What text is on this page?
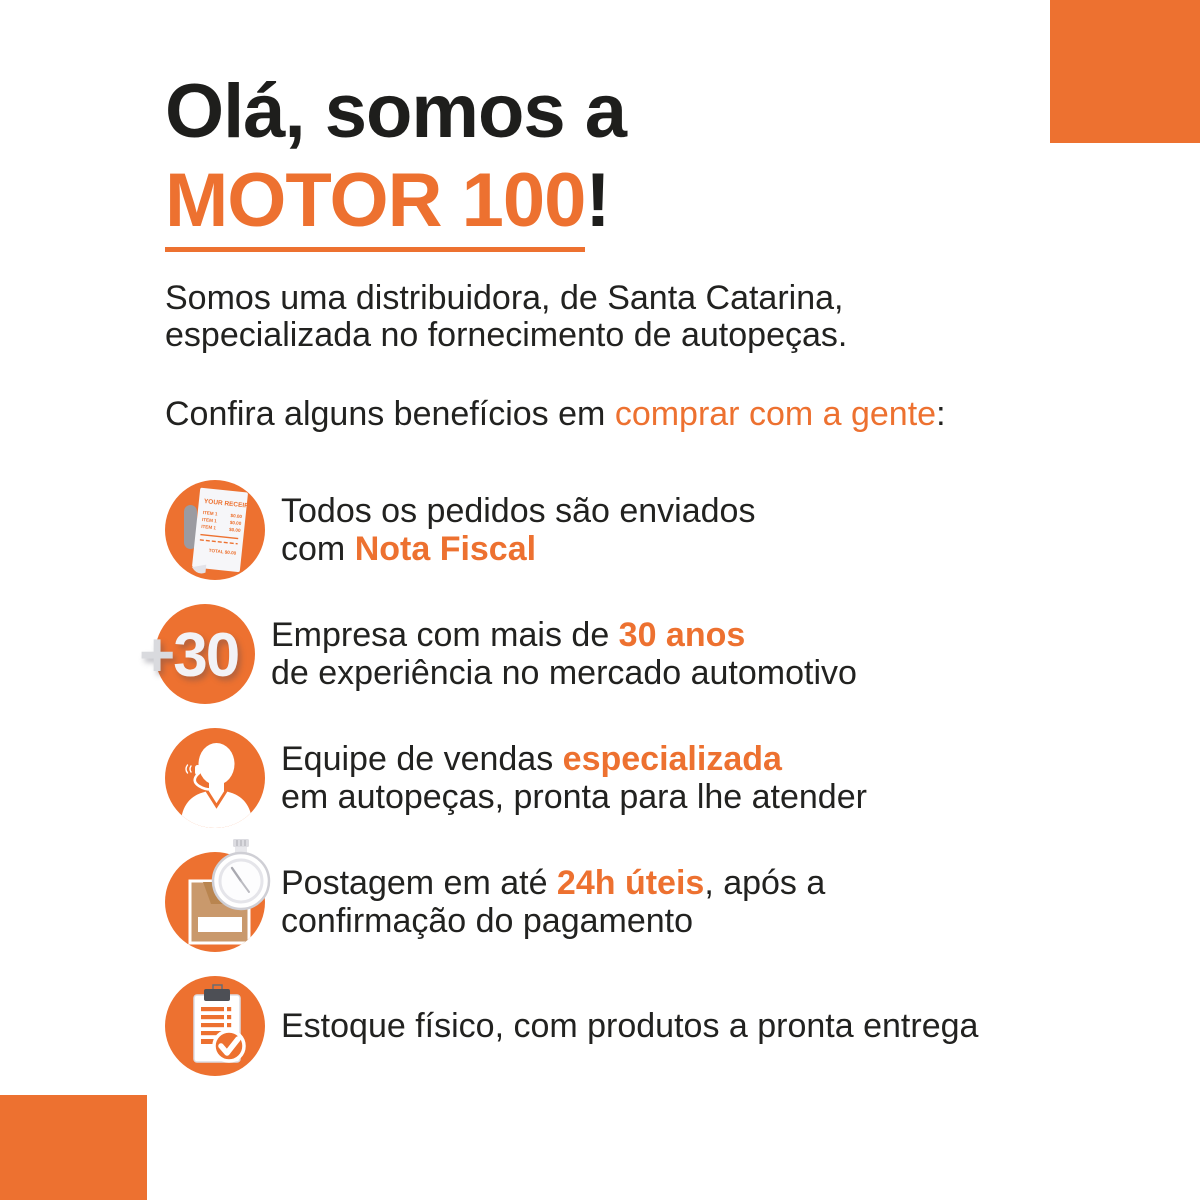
Olá, somos a
MOTOR 100!
Somos uma distribuidora, de Santa Catarina,
especializada no fornecimento de autopeças.
Confira alguns benefícios em comprar com a gente:
YOUR RECEIPT
ITEM 1	$0.00
ITEM 1	$0.00
ITEM 1	$0.00
TOTAL $0.00
Todos os pedidos são enviados
com Nota Fiscal
+30 Empresa com mais de 30 anos
de experiência no mercado automotivo
Equipe de vendas especializada
em autopeças, pronta para lhe atender
Postagem em até 24h úteis, após a
confirmação do pagamento
Estoque físico, com produtos a pronta entrega
